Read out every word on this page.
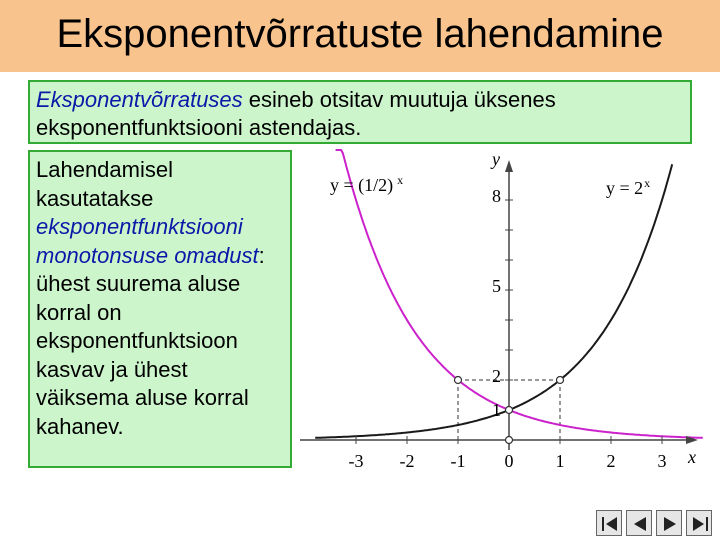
Eksponentvõrratuste lahendamine
Eksponentvõrratuses esineb otsitav muutuja üksenes
eksponentfunktsiooni astendajas.
Lahendamisel kasutatakse eksponentfunktsiooni monotonsuse omadust: ühest suurema aluse korral on eksponentfunktsioon kasvav ja ühest väiksema aluse korral kahanev.
x
y
y = (1/2) $^x$	$y = 2^x$
-3 -2 -1 0 1 2 3
8
5
2
1
